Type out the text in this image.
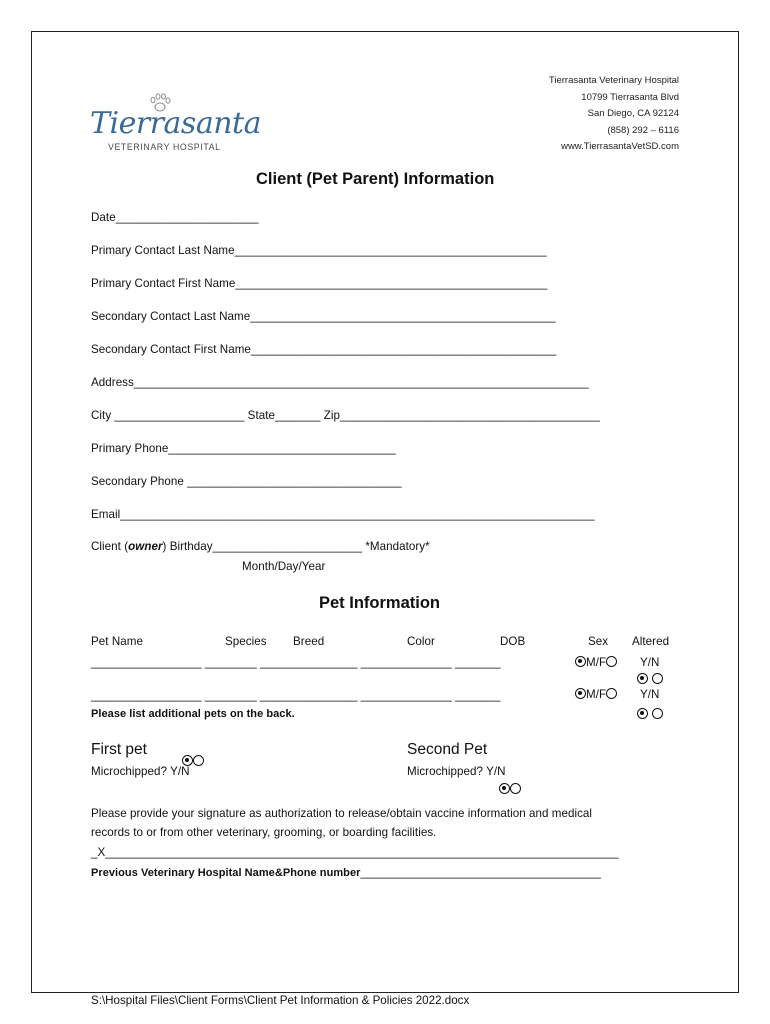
Tierrasanta
VETERINARY HOSPITAL
Tierrasanta Veterinary Hospital
10799 Tierrasanta Blvd
San Diego, CA 92124
(858) 292 – 6116
www.TierrasantaVetSD.com
Client (Pet Parent) Information
Date______________________
Primary Contact Last Name________________________________________________
Primary Contact First Name________________________________________________
Secondary Contact Last Name_______________________________________________
Secondary Contact First Name_______________________________________________
Address______________________________________________________________________
City ____________________ State_______ Zip________________________________________
Primary Phone___________________________________
Secondary Phone _________________________________
Email_________________________________________________________________________
Client (owner) Birthday_______________________ *Mandatory*
Month/Day/Year
Pet Information
Pet Name	Species Breed	Color	DOB	Sex Altered
_________________ ________ _______________ ______________ _______	M/F	Y/N

_________________ ________ _______________ ______________ _______	M/F	Y/N

Please list additional pets on the back.
First pet
Microchipped? Y/N
Second Pet
Microchipped? Y/N
Please provide your signature as authorization to release/obtain vaccine information and medical
records to or from other veterinary, grooming, or boarding facilities.
_X_______________________________________________________________________________
Previous Veterinary Hospital Name&Phone number_____________________________________
S:\Hospital Files\Client Forms\Client Pet Information & Policies 2022.docx
